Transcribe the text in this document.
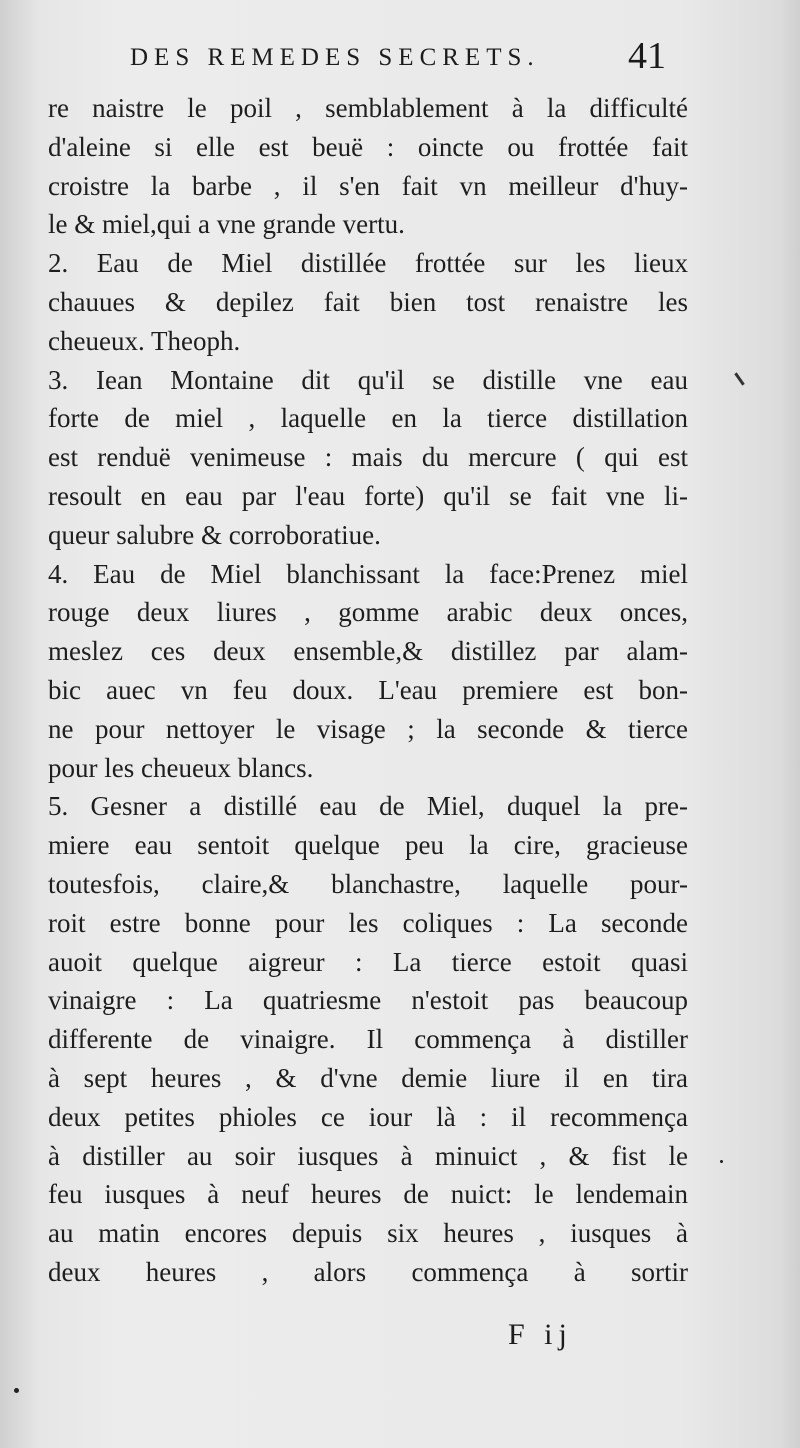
DES REMEDES SECRETS.	41
re naistre le poil , semblablement à la difficulté
d'aleine si elle est beuë : oincte ou frottée fait
croistre la barbe , il s'en fait vn meilleur d'huy-
le & miel,qui a vne grande vertu.
2. Eau de Miel distillée frottée sur les lieux
chauues & depilez fait bien tost renaistre les
cheueux. Theoph.
3. Iean Montaine dit qu'il se distille vne eau
forte de miel , laquelle en la tierce distillation
est renduë venimeuse : mais du mercure ( qui est
resoult en eau par l'eau forte) qu'il se fait vne li-
queur salubre & corroboratiue.
4. Eau de Miel blanchissant la face:Prenez miel
rouge deux liures , gomme arabic deux onces,
meslez ces deux ensemble,& distillez par alam-
bic auec vn feu doux. L'eau premiere est bon-
ne pour nettoyer le visage ; la seconde & tierce
pour les cheueux blancs.
5. Gesner a distillé eau de Miel, duquel la pre-
miere eau sentoit quelque peu la cire, gracieuse
toutesfois, claire,& blanchastre, laquelle pour-
roit estre bonne pour les coliques : La seconde
auoit quelque aigreur : La tierce estoit quasi
vinaigre : La quatriesme n'estoit pas beaucoup
differente de vinaigre. Il commença à distiller
à sept heures , & d'vne demie liure il en tira
deux petites phioles ce iour là : il recommença
à distiller au soir iusques à minuict , & fist le
feu iusques à neuf heures de nuict: le lendemain
au matin encores depuis six heures , iusques à
deux heures , alors commença à sortir
F ij
